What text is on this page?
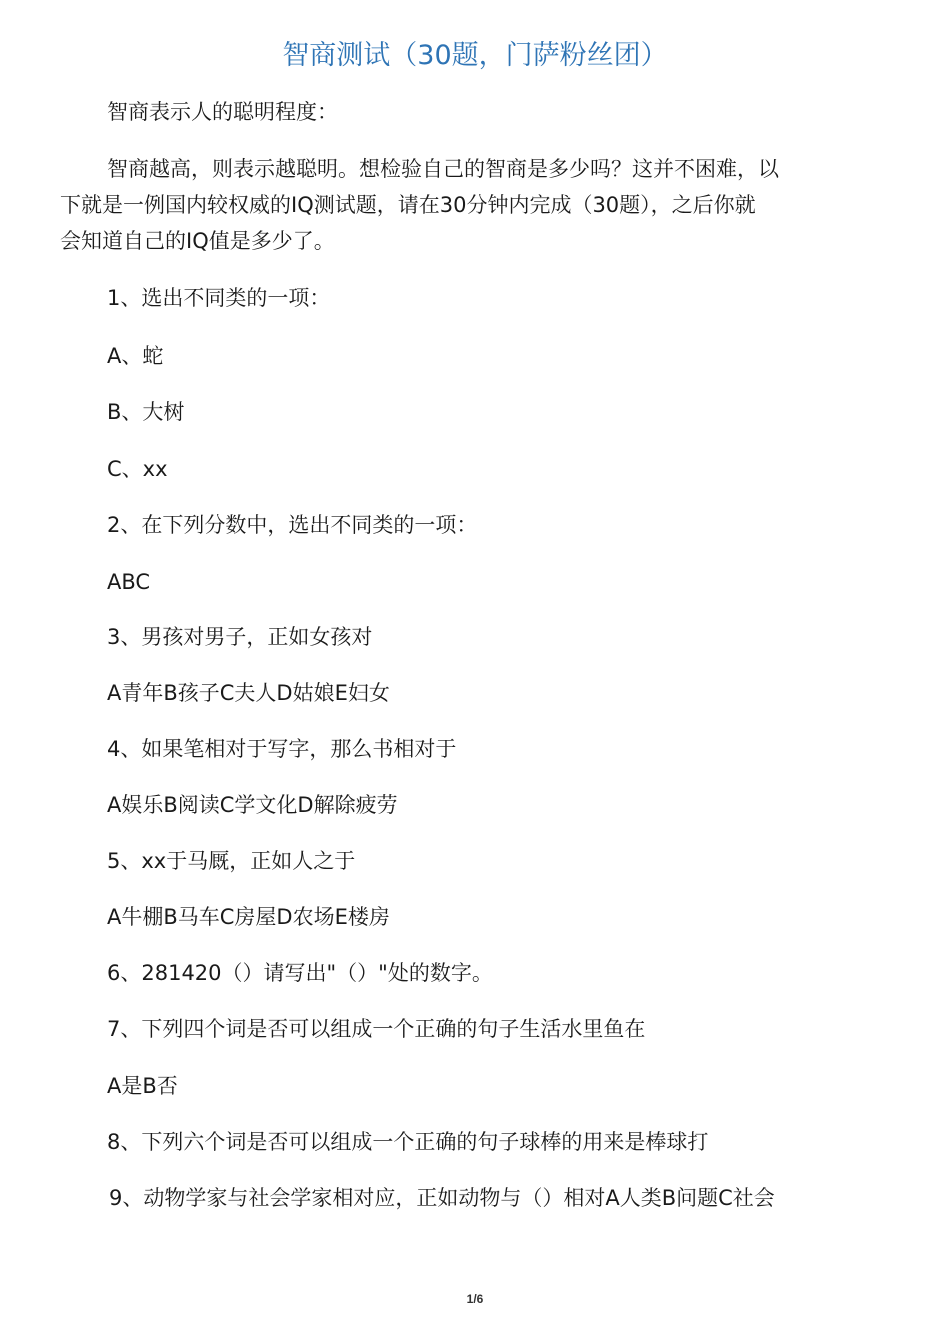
智商测试（30题，门萨粉丝团）
智商表示人的聪明程度：
智商越高，则表示越聪明。想检验自己的智商是多少吗？这并不困难，以
下就是一例国内较权威的IQ测试题，请在30分钟内完成（30题），之后你就
会知道自己的IQ值是多少了。
1、选出不同类的一项：
A、蛇
B、大树
C、xx
2、在下列分数中，选出不同类的一项：
ABC
3、男孩对男子，正如女孩对
A青年B孩子C夫人D姑娘E妇女
4、如果笔相对于写字，那么书相对于
A娱乐B阅读C学文化D解除疲劳
5、xx于马厩，正如人之于
A牛棚B马车C房屋D农场E楼房
6、281420（）请写出"（）"处的数字。
7、下列四个词是否可以组成一个正确的句子生活水里鱼在
A是B否
8、下列六个词是否可以组成一个正确的句子球棒的用来是棒球打
9、动物学家与社会学家相对应，正如动物与（）相对A人类B问题C社会
1/6
